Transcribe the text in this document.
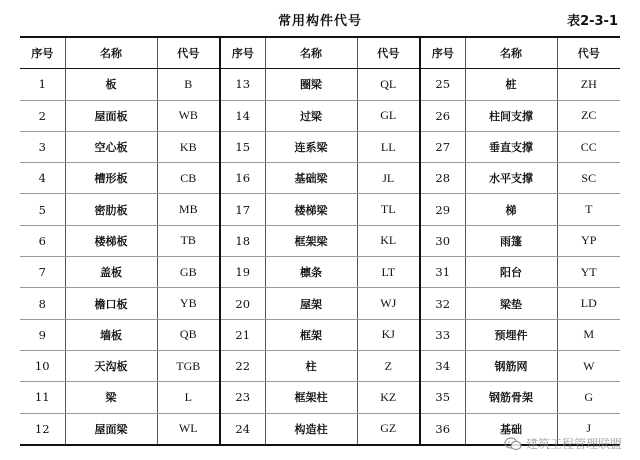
常用构件代号	表2-3-1
序号	名称	代号	序号	名称	代号	序号	名称	代号
1	板	B	13	圈梁	QL	25	桩	ZH
2	屋面板	WB	14	过梁	GL	26	柱间支撑	ZC
3	空心板	KB	15	连系梁	LL	27	垂直支撑	CC
4	槽形板	CB	16	基础梁	JL	28	水平支撑	SC
5	密肋板	MB	17	楼梯梁	TL	29	梯	T
6	楼梯板	TB	18	框架梁	KL	30	雨篷	YP
7	盖板	GB	19	檩条	LT	31	阳台	YT
8	檐口板	YB	20	屋架	WJ	32	梁垫	LD
9	墙板	QB	21	框架	KJ	33	预埋件	M
10	天沟板	TGB	22	柱	Z	34	钢筋网	W
11	梁	L	23	框架柱	KZ	35	钢筋骨架	G
12	屋面梁	WL	24	构造柱	GZ	36	基础	J
建筑工程管理联盟
